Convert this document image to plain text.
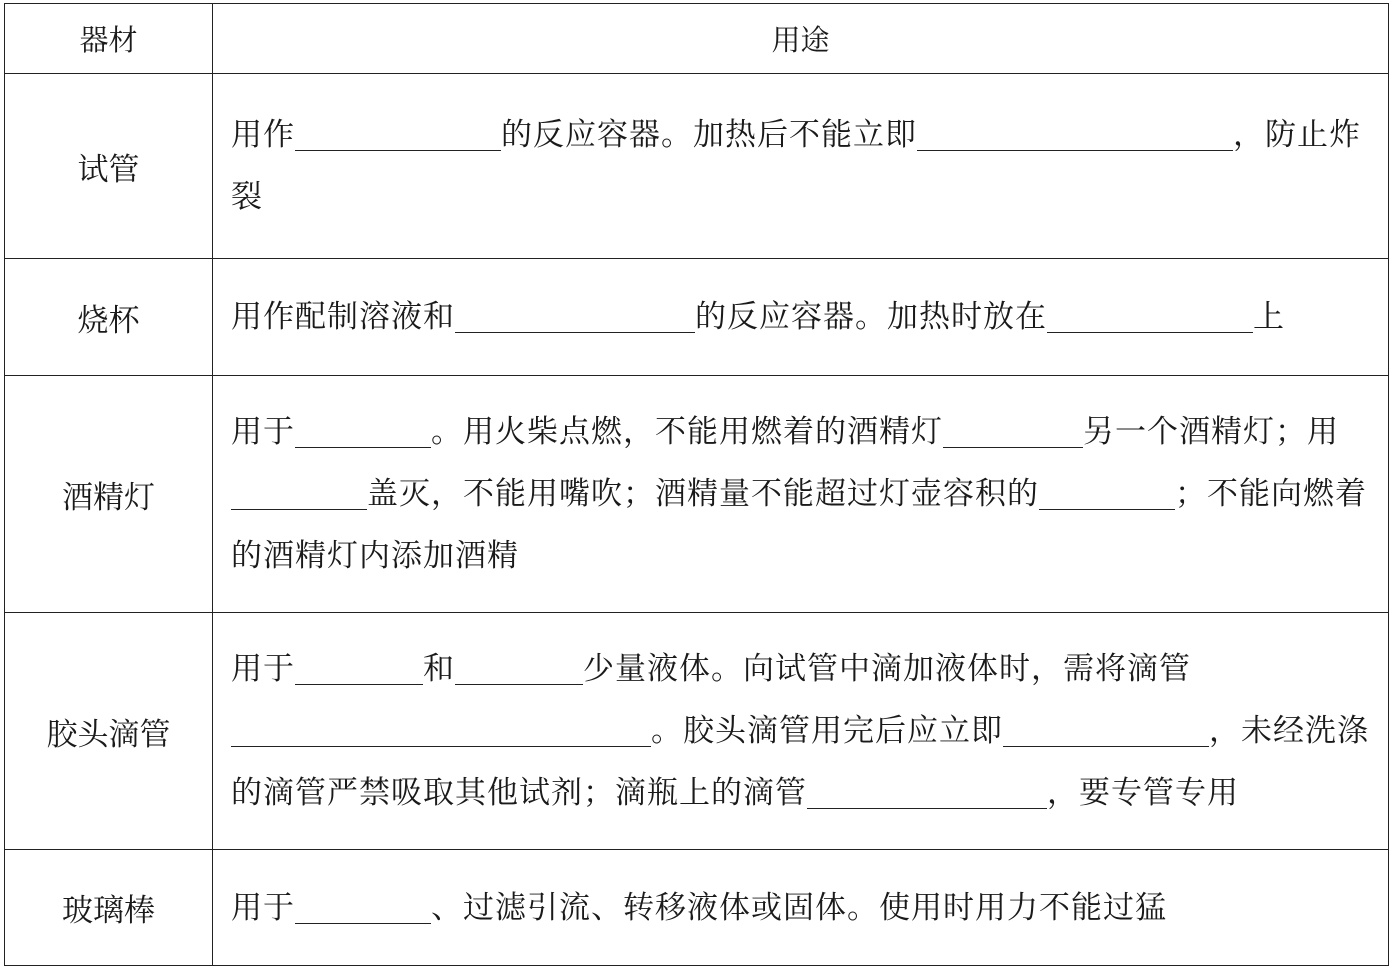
器材	用途
试管	用作 的反应容器。加热后不能立即 ，防止炸裂
烧杯	用作配制溶液和 的反应容器。加热时放在 上
酒精灯	用于 。用火柴点燃，不能用燃着的酒精灯 另一个酒精灯；用盖灭，不能用嘴吹；酒精量不能超过灯壶容积的 ；不能向燃着的酒精灯内添加酒精
胶头滴管	用于 和 少量液体。向试管中滴加液体时，需将滴管。胶头滴管用完后应立即 ，未经洗涤的滴管严禁吸取其他试剂；滴瓶上的滴管 ，要专管专用
玻璃棒	用于 、过滤引流、转移液体或固体。使用时用力不能过猛
